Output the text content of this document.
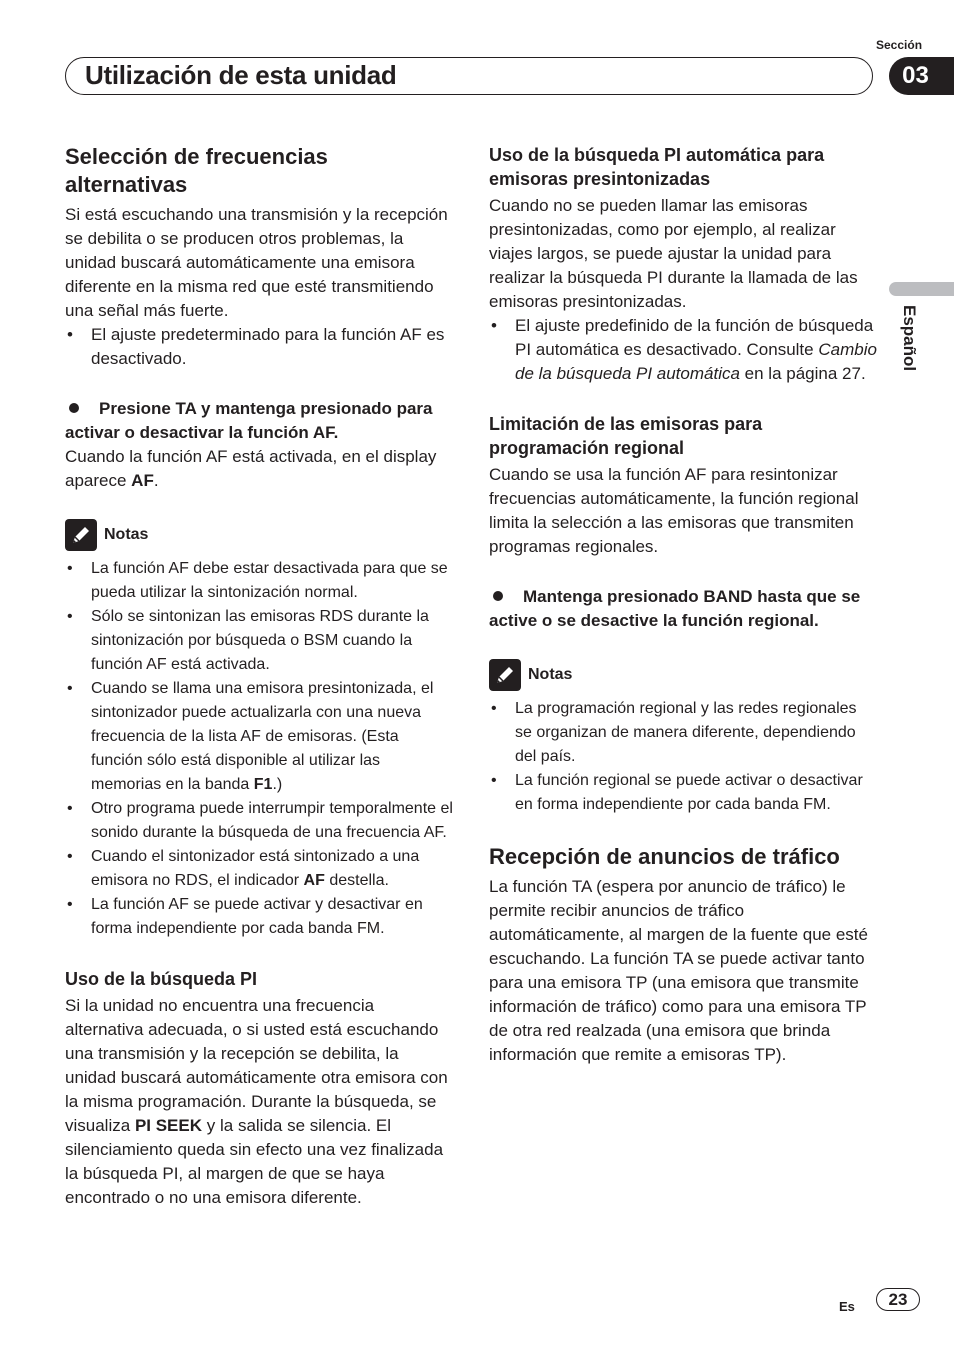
Sección
Utilización de esta unidad	03
Español
Selección de frecuencias alternativas

Si está escuchando una transmisión y la recepción se debilita o se producen otros problemas, la unidad buscará automáticamente una emisora diferente en la misma red que esté transmitiendo una señal más fuerte.

• El ajuste predeterminado para la función AF es desactivado.

Presione TA y mantenga presionado para activar o desactivar la función AF.

Cuando la función AF está activada, en el display aparece AF.

Notas
• La función AF debe estar desactivada para que se pueda utilizar la sintonización normal.
• Sólo se sintonizan las emisoras RDS durante la sintonización por búsqueda o BSM cuando la función AF está activada.
• Cuando se llama una emisora presintonizada, el sintonizador puede actualizarla con una nueva frecuencia de la lista AF de emisoras. (Esta función sólo está disponible al utilizar las memorias en la banda F1.)
• Otro programa puede interrumpir temporalmente el sonido durante la búsqueda de una frecuencia AF.
• Cuando el sintonizador está sintonizado a una emisora no RDS, el indicador AF destella.
• La función AF se puede activar y desactivar en forma independiente por cada banda FM.
Uso de la búsqueda PI

Si la unidad no encuentra una frecuencia alternativa adecuada, o si usted está escuchando una transmisión y la recepción se debilita, la unidad buscará automáticamente otra emisora con la misma programación. Durante la búsqueda, se visualiza PI SEEK y la salida se silencia. El silenciamiento queda sin efecto una vez finalizada la búsqueda PI, al margen de que se haya encontrado o no una emisora diferente.

Uso de la búsqueda PI automática para emisoras presintonizadas

Cuando no se pueden llamar las emisoras presintonizadas, como por ejemplo, al realizar viajes largos, se puede ajustar la unidad para realizar la búsqueda PI durante la llamada de las emisoras presintonizadas.

• El ajuste predefinido de la función de búsqueda PI automática es desactivado. Consulte Cambio de la búsqueda PI automática en la página 27.
Limitación de las emisoras para programación regional

Cuando se usa la función AF para resintonizar frecuencias automáticamente, la función regional limita la selección a las emisoras que transmiten programas regionales.

Mantenga presionado BAND hasta que se active o se desactive la función regional.

Notas
• La programación regional y las redes regionales se organizan de manera diferente, dependiendo del país.
• La función regional se puede activar o desactivar en forma independiente por cada banda FM.
Recepción de anuncios de tráfico

La función TA (espera por anuncio de tráfico) le permite recibir anuncios de tráfico automáticamente, al margen de la fuente que esté escuchando. La función TA se puede activar tanto para una emisora TP (una emisora que transmite información de tráfico) como para una emisora TP de otra red realzada (una emisora que brinda información que remite a emisoras TP).

Es 23
